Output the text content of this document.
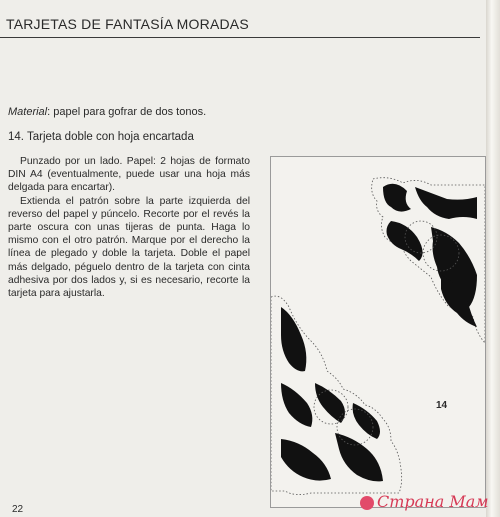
TARJETAS DE FANTASÍA MORADAS
Material: papel para gofrar de dos tonos.
14. Tarjeta doble con hoja encartada

Punzado por un lado. Papel: 2 hojas de formato DIN A4 (eventualmente, puede usar una hoja más delgada para encartar).

Extienda el patrón sobre la parte izquierda del reverso del papel y púncelo. Recorte por el revés la parte oscura con unas tijeras de punta. Haga lo mismo con el otro patrón. Marque por el derecho la línea de plegado y doble la tarjeta. Doble el papel más delgado, péguelo dentro de la tarjeta con cinta adhesiva por dos lados y, si es necesario, recorte la tarjeta para ajustarla.

14
22	Страна Мам
